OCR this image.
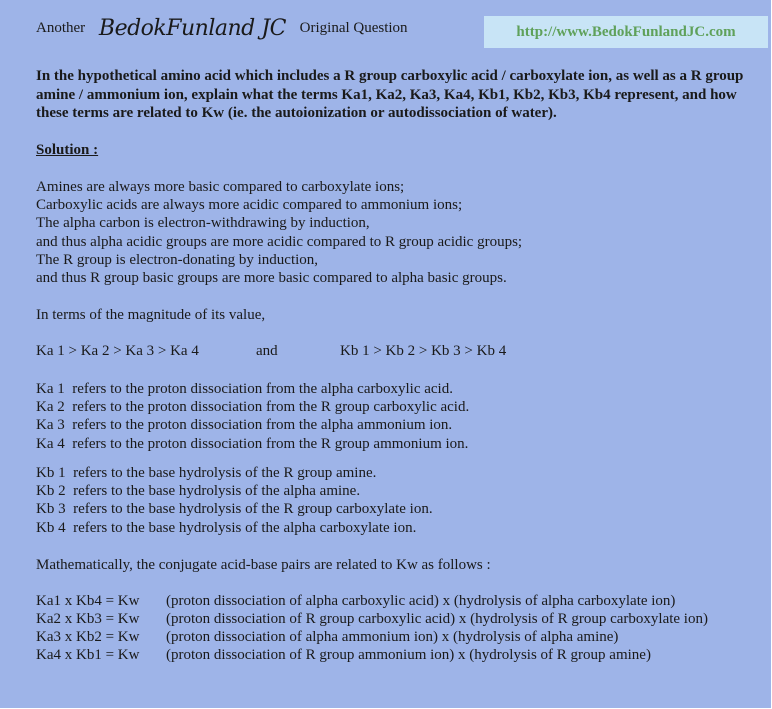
Another BedokFunland JC Original Question	http://www.BedokFunlandJC.com
In the hypothetical amino acid which includes a R group carboxylic acid / carboxylate ion, as well as a R group amine / ammonium ion, explain what the terms Ka1, Ka2, Ka3, Ka4, Kb1, Kb2, Kb3, Kb4 represent, and how these terms are related to Kw (ie. the autoionization or autodissociation of water).
Solution :
Amines are always more basic compared to carboxylate ions;
Carboxylic acids are always more acidic compared to ammonium ions;
The alpha carbon is electron-withdrawing by induction,
and thus alpha acidic groups are more acidic compared to R group acidic groups;
The R group is electron-donating by induction,
and thus R group basic groups are more basic compared to alpha basic groups.
In terms of the magnitude of its value,
Ka 1 > Ka 2 > Ka 3 > Ka 4	and	Kb 1 > Kb 2 > Kb 3 > Kb 4
Ka 1 refers to the proton dissociation from the alpha carboxylic acid.
Ka 2 refers to the proton dissociation from the R group carboxylic acid.
Ka 3 refers to the proton dissociation from the alpha ammonium ion.
Ka 4 refers to the proton dissociation from the R group ammonium ion.
Kb 1 refers to the base hydrolysis of the R group amine.
Kb 2 refers to the base hydrolysis of the alpha amine.
Kb 3 refers to the base hydrolysis of the R group carboxylate ion.
Kb 4 refers to the base hydrolysis of the alpha carboxylate ion.
Mathematically, the conjugate acid-base pairs are related to Kw as follows :
Ka1 x Kb4 = Kw (proton dissociation of alpha carboxylic acid) x (hydrolysis of alpha carboxylate ion)
Ka2 x Kb3 = Kw (proton dissociation of R group carboxylic acid) x (hydrolysis of R group carboxylate ion)
Ka3 x Kb2 = Kw (proton dissociation of alpha ammonium ion) x (hydrolysis of alpha amine)
Ka4 x Kb1 = Kw (proton dissociation of R group ammonium ion) x (hydrolysis of R group amine)
